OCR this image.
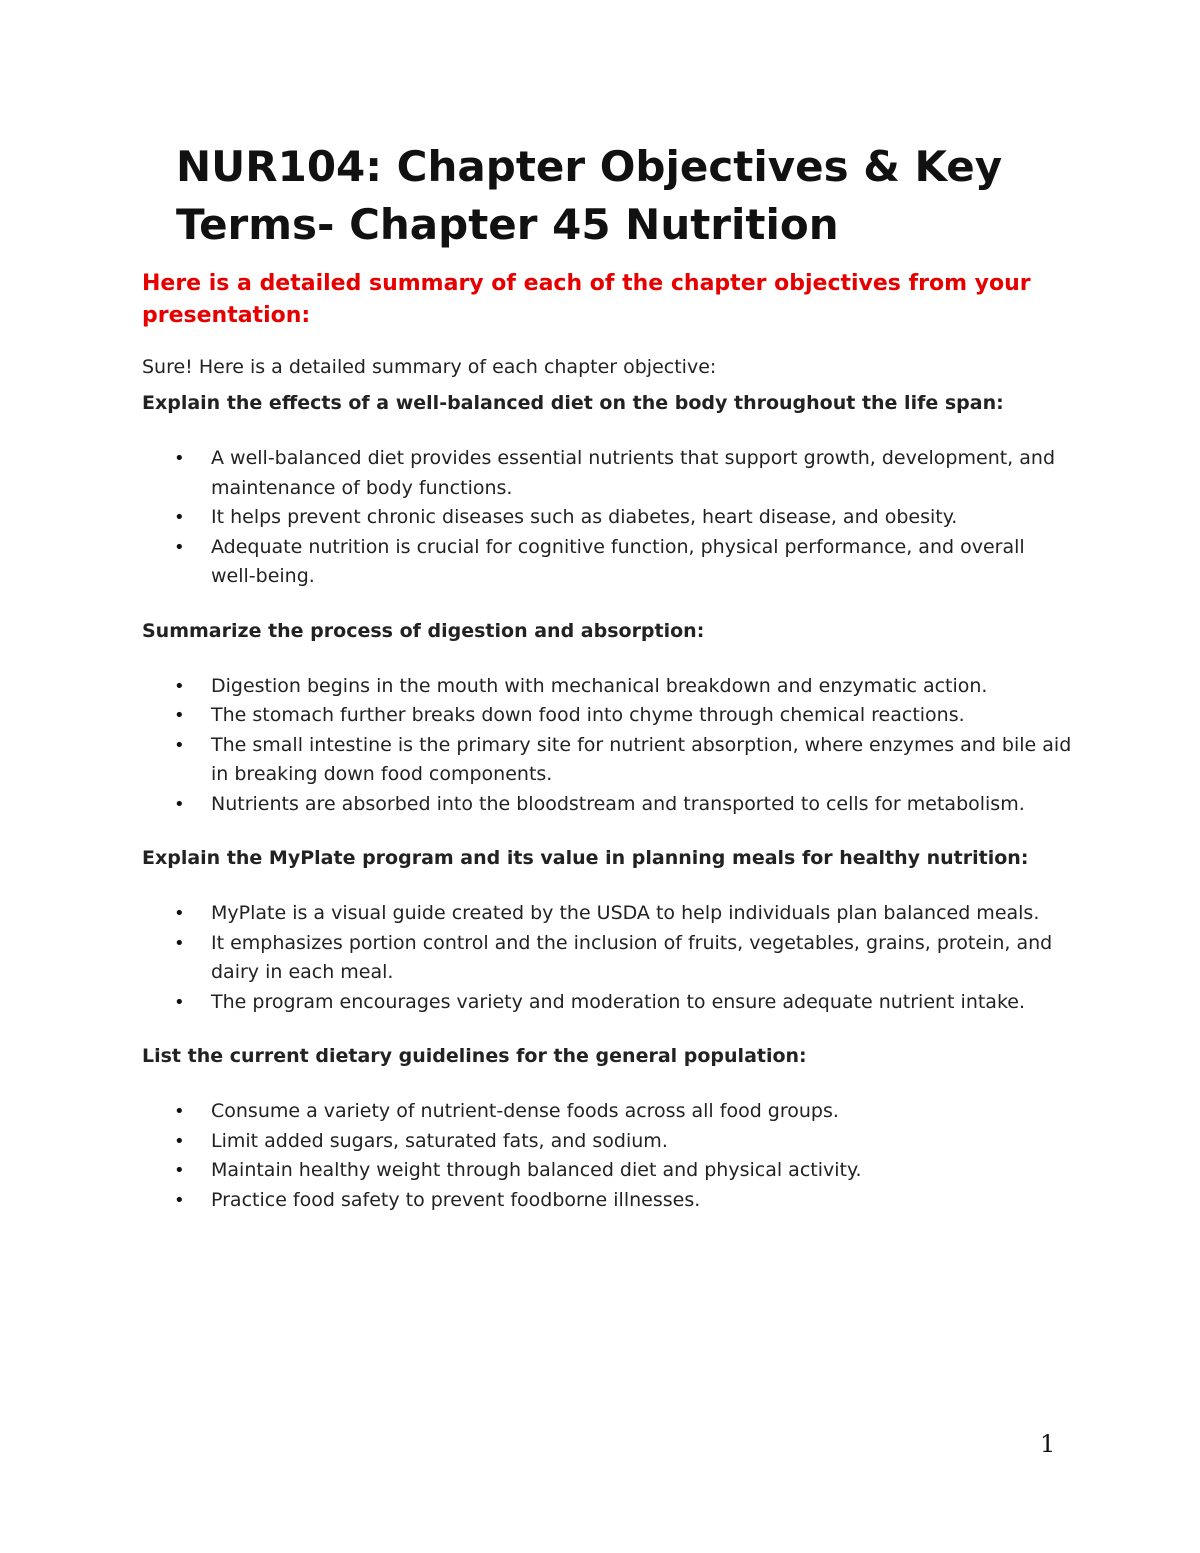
NUR104: Chapter Objectives & Key Terms- Chapter 45 Nutrition

Here is a detailed summary of each of the chapter objectives from your presentation:

Sure! Here is a detailed summary of each chapter objective:

Explain the effects of a well-balanced diet on the body throughout the life span:

• A well-balanced diet provides essential nutrients that support growth, development, and maintenance of body functions.
• It helps prevent chronic diseases such as diabetes, heart disease, and obesity.
• Adequate nutrition is crucial for cognitive function, physical performance, and overall well-being.

Summarize the process of digestion and absorption:

• Digestion begins in the mouth with mechanical breakdown and enzymatic action.
• The stomach further breaks down food into chyme through chemical reactions.
• The small intestine is the primary site for nutrient absorption, where enzymes and bile aid in breaking down food components.
• Nutrients are absorbed into the bloodstream and transported to cells for metabolism.

Explain the MyPlate program and its value in planning meals for healthy nutrition:

• MyPlate is a visual guide created by the USDA to help individuals plan balanced meals.
• It emphasizes portion control and the inclusion of fruits, vegetables, grains, protein, and dairy in each meal.
• The program encourages variety and moderation to ensure adequate nutrient intake.

List the current dietary guidelines for the general population:

• Consume a variety of nutrient-dense foods across all food groups.
• Limit added sugars, saturated fats, and sodium.
• Maintain healthy weight through balanced diet and physical activity.
• Practice food safety to prevent foodborne illnesses.
1
